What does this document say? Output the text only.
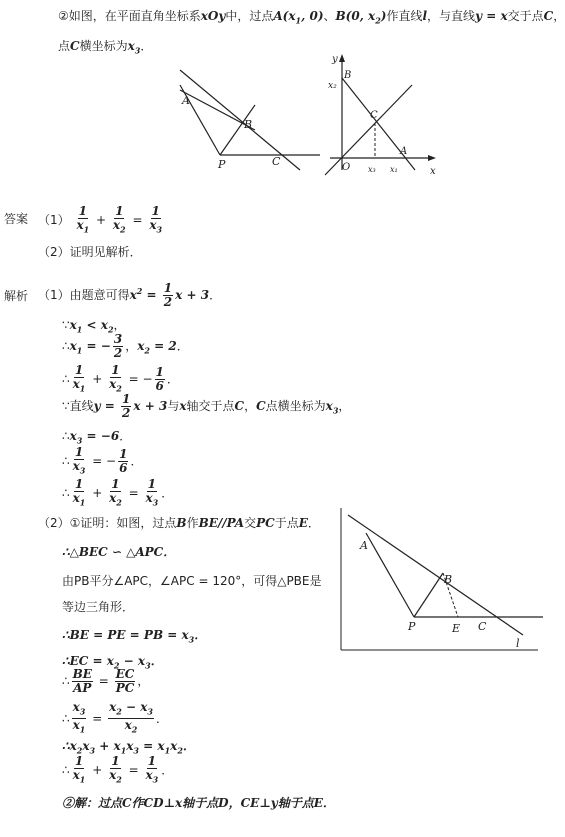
②如图，在平面直角坐标系xOy中，过点$A(x_1$, 0)、B(0, $x_2$)作直线l，与直线y = x交于点C，
点C横坐标为$x_3$．
A
B
P	C
y
x
B
x₂
C
A
O x₃ x₁
答案 $(1) \frac{1}{x_1} + \frac{1}{x_2} = \frac{1}{x_3}$
（2）证明见解析．
解析 （1）由题意可得$x^2 = \frac{1}{2}$ x + 3．
$\because x_1 < x_2$，
$\therefore x_1$ = − $\frac{3}{2}$ ，$x_2 = 2$．
∴ $\frac{1}{x_1} + \frac{1}{x_2}$ = − $\frac{1}{6}$ ．
∵直线$y = \frac{1}{2}$ x + 3与x轴交于点C，C点横坐标为$x_3$，
$\therefore x_3 = -6$．
∴ $\frac{1}{x_3}$ = − $\frac{1}{6}$ ．
∴ $\frac{1}{x_1} + \frac{1}{x_2} = \frac{1}{x_3}$ ．
（2）①证明：如图，过点B作BE//PA交PC于点E．
∴△BEC ∽ △APC．
由PB平分∠APC，∠APC = 120°，可得△PBE是
等边三角形．
∴BE = PE = PB = $x_3$．
∴EC = $x_2 - x_3$．
∴ $\frac{BE}{AP} = \frac{EC}{PC}$ ，
∴ $\frac{x_3}{x_1} = \frac{x_2 - x_3}{x_2}$ ．
$\therefore x_2x_3 + x_1x_3 = x_1x_2$．
∴ $\frac{1}{x_1} + \frac{1}{x_2} = \frac{1}{x_3}$ ．
②解：过点C作CD⊥x轴于点D，CE⊥y轴于点E．
A
B
P	E C
l
